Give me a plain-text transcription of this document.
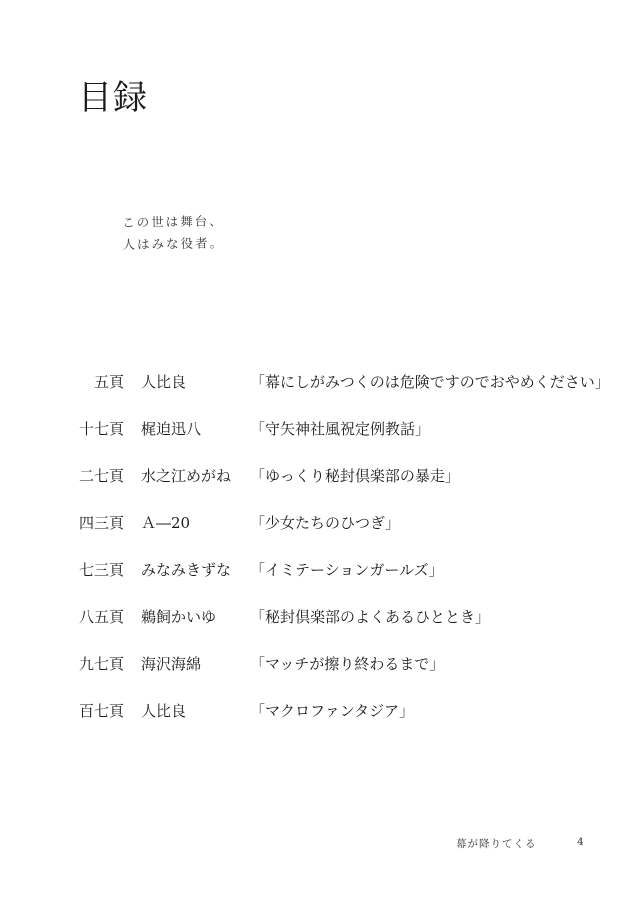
目録
この世は舞台、
人はみな役者。
五頁 人比良	「幕にしがみつくのは危険ですのでおやめください」
十七頁 梶迫迅八	「守矢神社風祝定例教話」
二七頁 水之江めがね 「ゆっくり秘封倶楽部の暴走」
四三頁 Ａ―20	「少女たちのひつぎ」
七三頁 みなみきずな 「イミテーションガールズ」
八五頁 鵜飼かいゆ 「秘封倶楽部のよくあるひととき」
九七頁 海沢海綿	「マッチが擦り終わるまで」
百七頁 人比良	「マクロファンタジア」
幕が降りてくる	4
